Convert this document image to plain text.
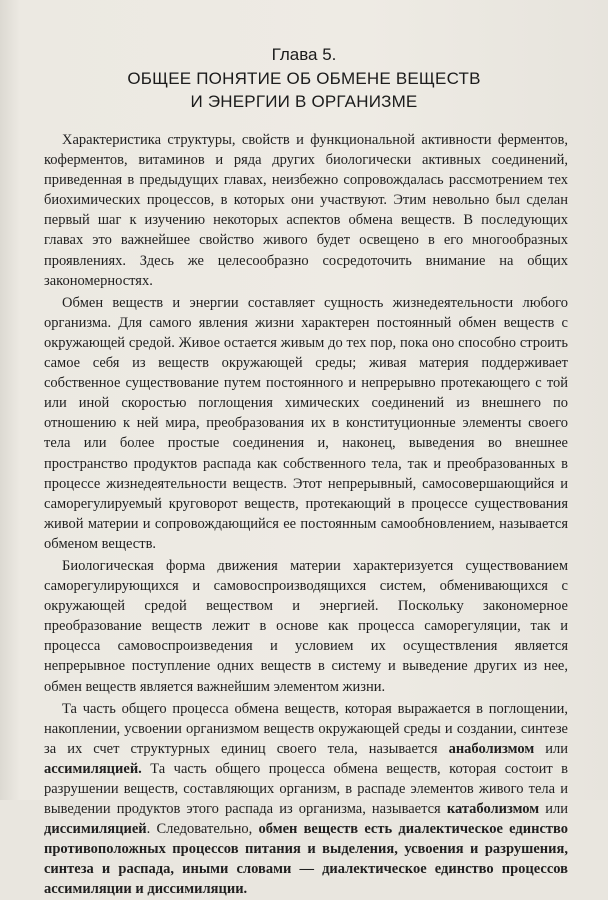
Глава 5.
ОБЩЕЕ ПОНЯТИЕ ОБ ОБМЕНЕ ВЕЩЕСТВ
И ЭНЕРГИИ В ОРГАНИЗМЕ

Характеристика структуры, свойств и функциональной активности ферментов, коферментов, витаминов и ряда других биологически активных соединений, приведенная в предыдущих главах, неизбежно сопровождалась рассмотрением тех биохимических процессов, в которых они участвуют. Этим невольно был сделан первый шаг к изучению некоторых аспектов обмена веществ. В последующих главах это важнейшее свойство живого будет освещено в его многообразных проявлениях. Здесь же целесообразно сосредоточить внимание на общих закономерностях.

Обмен веществ и энергии составляет сущность жизнедеятельности любого организма. Для самого явления жизни характерен постоянный обмен веществ с окружающей средой. Живое остается живым до тех пор, пока оно способно строить самое себя из веществ окружающей среды; живая материя поддерживает собственное существование путем постоянного и непрерывно протекающего с той или иной скоростью поглощения химических соединений из внешнего по отношению к ней мира, преобразования их в конституционные элементы своего тела или более простые соединения и, наконец, выведения во внешнее пространство продуктов распада как собственного тела, так и преобразованных в процессе жизнедеятельности веществ. Этот непрерывный, самосовершающийся и саморегулируемый круговорот веществ, протекающий в процессе существования живой материи и сопровождающийся ее постоянным самообновлением, называется обменом веществ.

Биологическая форма движения материи характеризуется существованием саморегулирующихся и самовоспроизводящихся систем, обменивающихся с окружающей средой веществом и энергией. Поскольку закономерное преобразование веществ лежит в основе как процесса саморегуляции, так и процесса самовоспроизведения и условием их осуществления является непрерывное поступление одних веществ в систему и выведение других из нее, обмен веществ является важнейшим элементом жизни.

Та часть общего процесса обмена веществ, которая выражается в поглощении, накоплении, усвоении организмом веществ окружающей среды и создании, синтезе за их счет структурных единиц своего тела, называется анаболизмом или ассимиляцией. Та часть общего процесса обмена веществ, которая состоит в разрушении веществ, составляющих организм, в распаде элементов живого тела и выведении продуктов этого распада из организма, называется катаболизмом или диссимиляцией. Следовательно, обмен веществ есть диалектическое единство противоположных процессов питания и выделения, усвоения и разрушения, синтеза и распада, иными словами — диалектическое единство процессов ассимиляции и диссимиляции.
